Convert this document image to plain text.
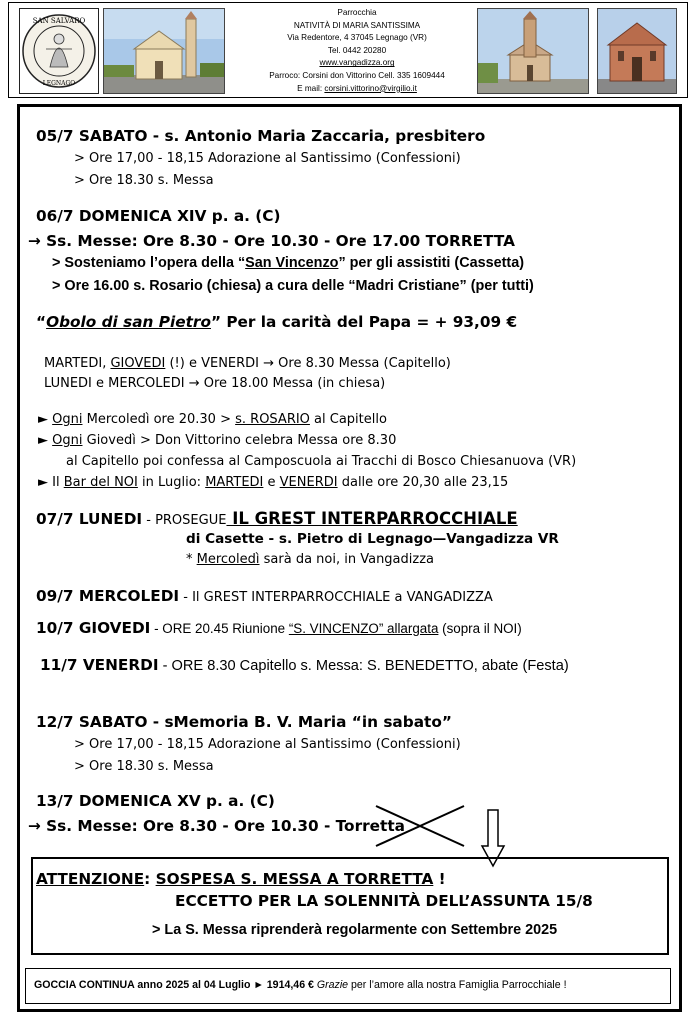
SAN SALVARO
LEGNAGO
Parrocchia
NATIVITÀ DI MARIA SANTISSIMA
Via Redentore, 4 37045 Legnago (VR)
Tel. 0442 20280
www.vangadizza.org
Parroco: Corsini don Vittorino Cell. 335 1609444
E mail: corsini.vittorino@virgilio.it
05/7 SABATO - s. Antonio Maria Zaccaria, presbitero
> Ore 17,00 - 18,15 Adorazione al Santissimo (Confessioni)
> Ore 18.30 s. Messa
06/7 DOMENICA XIV p. a. (C)
→ Ss. Messe: Ore 8.30 - Ore 10.30 - Ore 17.00 TORRETTA
> Sosteniamo l’opera della “San Vincenzo” per gli assistiti (Cassetta)
> Ore 16.00 s. Rosario (chiesa) a cura delle “Madri Cristiane” (per tutti)
“Obolo di san Pietro” Per la carità del Papa = + 93,09 €
MARTEDI, GIOVEDI (!) e VENERDI → Ore 8.30 Messa (Capitello)
LUNEDI e MERCOLEDI → Ore 18.00 Messa (in chiesa)
► Ogni Mercoledì ore 20.30 > s. ROSARIO al Capitello
► Ogni Giovedì > Don Vittorino celebra Messa ore 8.30
al Capitello poi confessa al Camposcuola ai Tracchi di Bosco Chiesanuova (VR)
► Il Bar del NOI in Luglio: MARTEDI e VENERDI dalle ore 20,30 alle 23,15
07/7 LUNEDI - PROSEGUE IL GREST INTERPARROCCHIALE
di Casette - s. Pietro di Legnago—Vangadizza VR
* Mercoledì sarà da noi, in Vangadizza
09/7 MERCOLEDI - Il GREST INTERPARROCCHIALE a VANGADIZZA
10/7 GIOVEDI - ORE 20.45 Riunione “S. VINCENZO” allargata (sopra il NOI)
11/7 VENERDI - ORE 8.30 Capitello s. Messa: S. BENEDETTO, abate (Festa)
12/7 SABATO - sMemoria B. V. Maria “in sabato”
> Ore 17,00 - 18,15 Adorazione al Santissimo (Confessioni)
> Ore 18.30 s. Messa
13/7 DOMENICA XV p. a. (C)
→ Ss. Messe: Ore 8.30 - Ore 10.30 - Torretta
ATTENZIONE: SOSPESA S. MESSA A TORRETTA !
ECCETTO PER LA SOLENNITÀ DELL’ASSUNTA 15/8
> La S. Messa riprenderà regolarmente con Settembre 2025
GOCCIA CONTINUA anno 2025 al 04 Luglio ► 1914,46 € Grazie per l’amore alla nostra Famiglia Parrocchiale !
